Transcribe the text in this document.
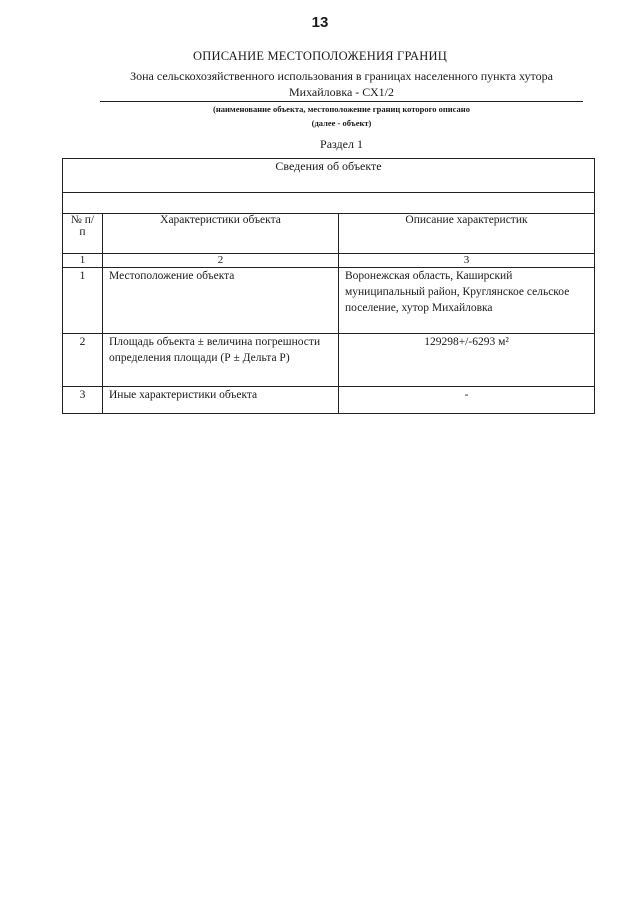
13
ОПИСАНИЕ МЕСТОПОЛОЖЕНИЯ ГРАНИЦ
Зона сельскохозяйственного использования в границах населенного пункта хутора
Михайловка - СХ1/2
(наименование объекта, местоположение границ которого описано
(далее - объект)
Раздел 1
Сведения об объекте		

№ п/п	Характеристики объекта	Описание характеристик
1	2	3
1	Местоположение объекта	Воронежская область, Каширский муниципальный район, Круглянское сельское поселение, хутор Михайловка
2	Площадь объекта ± величина погрешности определения площади (Р ± Дельта Р)	129298+/-6293 м²
3	Иные характеристики объекта	-
